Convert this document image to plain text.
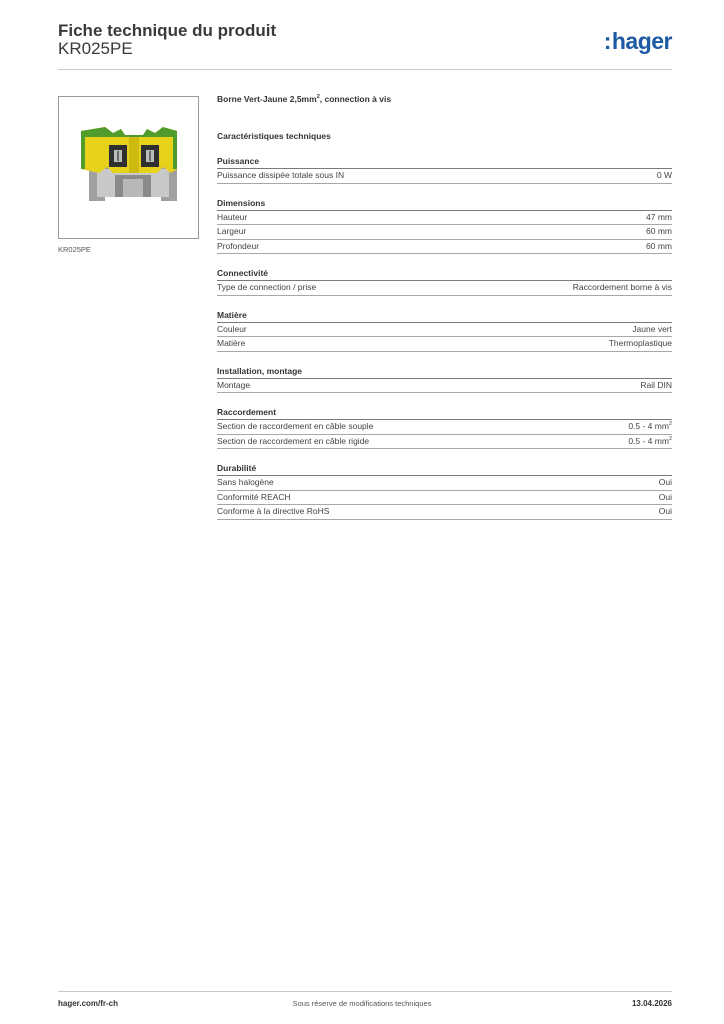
Fiche technique du produit
KR025PE	:hager
KR025PE
Borne Vert-Jaune $2,5mm^2$, connection à vis
Caractéristiques techniques
Puissance
Puissance dissipée totale sous IN	0 W
Dimensions
Hauteur	47 mm
Largeur	60 mm
Profondeur	60 mm
Connectivité
Type de connection / prise	Raccordement borne à vis
Matière
Couleur	Jaune vert
Matière	Thermoplastique
Installation, montage
Montage	Rail DIN
Raccordement
Section de raccordement en câble souple	0.5 - 4 $mm^2$
Section de raccordement en câble rigide	0.5 - 4 $mm^2$
Durabilité
Sans halogène	Oui
Conformité REACH	Oui
Conforme à la directive RoHS	Oui
hager.com/fr-ch	Sous réserve de modifications techniques	13.04.2026
